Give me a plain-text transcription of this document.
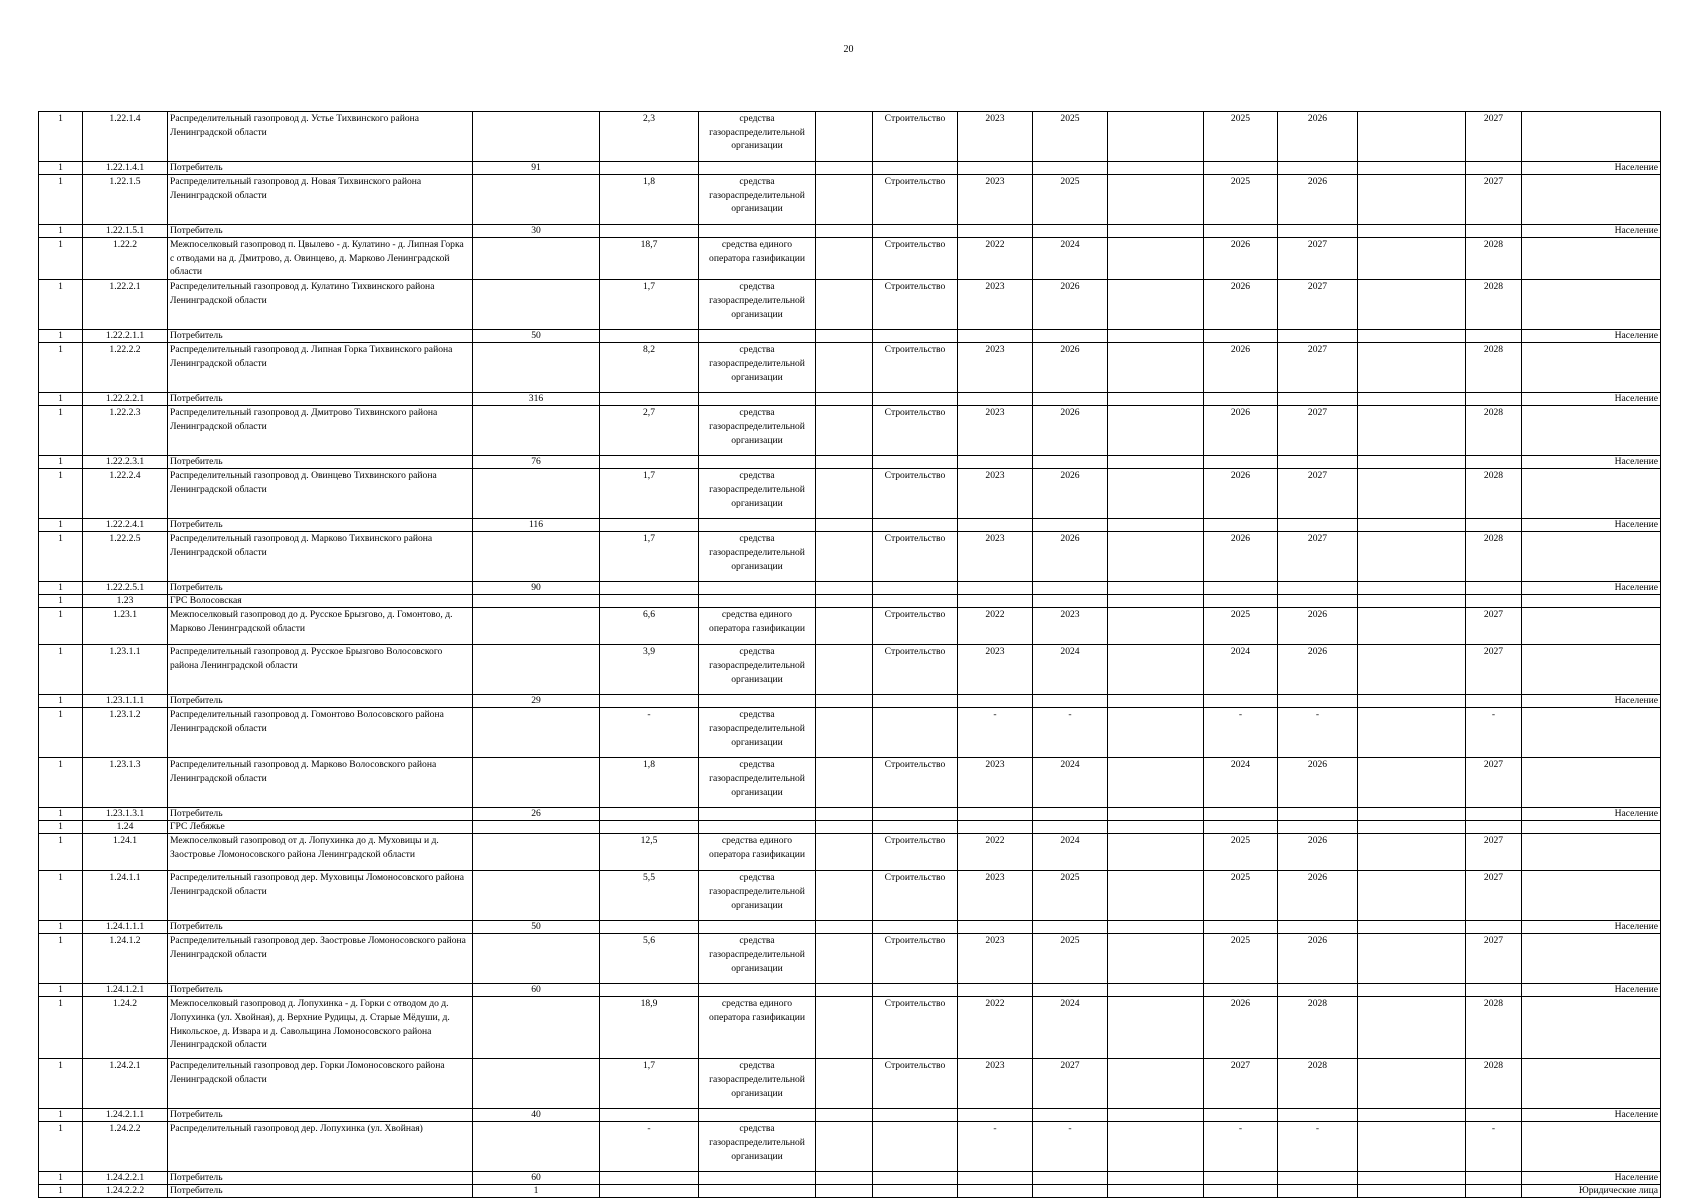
20
1	1.22.1.4	Распределительный газопровод д. Устье Тихвинского района Ленинградской области		2,3	средства газораспределительной организации		Строительство	2023	2025		2025	2026		2027	
1	1.22.1.4.1	Потребитель	91												Население
1	1.22.1.5	Распределительный газопровод д. Новая Тихвинского района Ленинградской области		1,8	средства газораспределительной организации		Строительство	2023	2025		2025	2026		2027	
1	1.22.1.5.1	Потребитель	30												Население
1	1.22.2	Межпоселковый газопровод п. Цвылево - д. Кулатино - д. Липная Горка с отводами на д. Дмитрово, д. Овинцево, д. Марково Ленинградской области		18,7	средства единого оператора газификации		Строительство	2022	2024		2026	2027		2028	
1	1.22.2.1	Распределительный газопровод д. Кулатино Тихвинского района Ленинградской области		1,7	средства газораспределительной организации		Строительство	2023	2026		2026	2027		2028	
1	1.22.2.1.1	Потребитель	50												Население
1	1.22.2.2	Распределительный газопровод д. Липная Горка Тихвинского района Ленинградской области		8,2	средства газораспределительной организации		Строительство	2023	2026		2026	2027		2028	
1	1.22.2.2.1	Потребитель	316												Население
1	1.22.2.3	Распределительный газопровод д. Дмитрово Тихвинского района Ленинградской области		2,7	средства газораспределительной организации		Строительство	2023	2026		2026	2027		2028	
1	1.22.2.3.1	Потребитель	76												Население
1	1.22.2.4	Распределительный газопровод д. Овинцево Тихвинского района Ленинградской области		1,7	средства газораспределительной организации		Строительство	2023	2026		2026	2027		2028	
1	1.22.2.4.1	Потребитель	116												Население
1	1.22.2.5	Распределительный газопровод д. Марково Тихвинского района Ленинградской области		1,7	средства газораспределительной организации		Строительство	2023	2026		2026	2027		2028	
1	1.22.2.5.1	Потребитель	90												Население
1	1.23	ГРС Волосовская													
1	1.23.1	Межпоселковый газопровод до д. Русское Брызгово, д. Гомонтово, д. Марково Ленинградской области		6,6	средства единого оператора газификации		Строительство	2022	2023		2025	2026		2027	
1	1.23.1.1	Распределительный газопровод д. Русское Брызгово Волосовского района Ленинградской области		3,9	средства газораспределительной организации		Строительство	2023	2024		2024	2026		2027	
1	1.23.1.1.1	Потребитель	29												Население
1	1.23.1.2	Распределительный газопровод д. Гомонтово Волосовского района Ленинградской области		-	средства газораспределительной организации			-	-		-	-		-	
1	1.23.1.3	Распределительный газопровод д. Марково Волосовского района Ленинградской области		1,8	средства газораспределительной организации		Строительство	2023	2024		2024	2026		2027	
1	1.23.1.3.1	Потребитель	26												Население
1	1.24	ГРС Лебяжье													
1	1.24.1	Межпоселковый газопровод от д. Лопухинка до д. Муховицы и д. Заостровье Ломоносовского района Ленинградской области		12,5	средства единого оператора газификации		Строительство	2022	2024		2025	2026		2027	
1	1.24.1.1	Распределительный газопровод дер. Муховицы Ломоносовского района Ленинградской области		5,5	средства газораспределительной организации		Строительство	2023	2025		2025	2026		2027	
1	1.24.1.1.1	Потребитель	50												Население
1	1.24.1.2	Распределительный газопровод дер. Заостровье Ломоносовского района Ленинградской области		5,6	средства газораспределительной организации		Строительство	2023	2025		2025	2026		2027	
1	1.24.1.2.1	Потребитель	60												Население
1	1.24.2	Межпоселковый газопровод д. Лопухинка - д. Горки с отводом до д. Лопухинка (ул. Хвойная), д. Верхние Рудицы, д. Старые Мёдуши, д. Никольское, д. Извара и д. Савольщина Ломоносовского района Ленинградской области		18,9	средства единого оператора газификации		Строительство	2022	2024		2026	2028		2028	
1	1.24.2.1	Распределительный газопровод дер. Горки Ломоносовского района Ленинградской области		1,7	средства газораспределительной организации		Строительство	2023	2027		2027	2028		2028	
1	1.24.2.1.1	Потребитель	40												Население
1	1.24.2.2	Распределительный газопровод дер. Лопухинка (ул. Хвойная)		-	средства газораспределительной организации			-	-		-	-		-	
1	1.24.2.2.1	Потребитель	60												Население
1	1.24.2.2.2	Потребитель	1												Юридические лица
